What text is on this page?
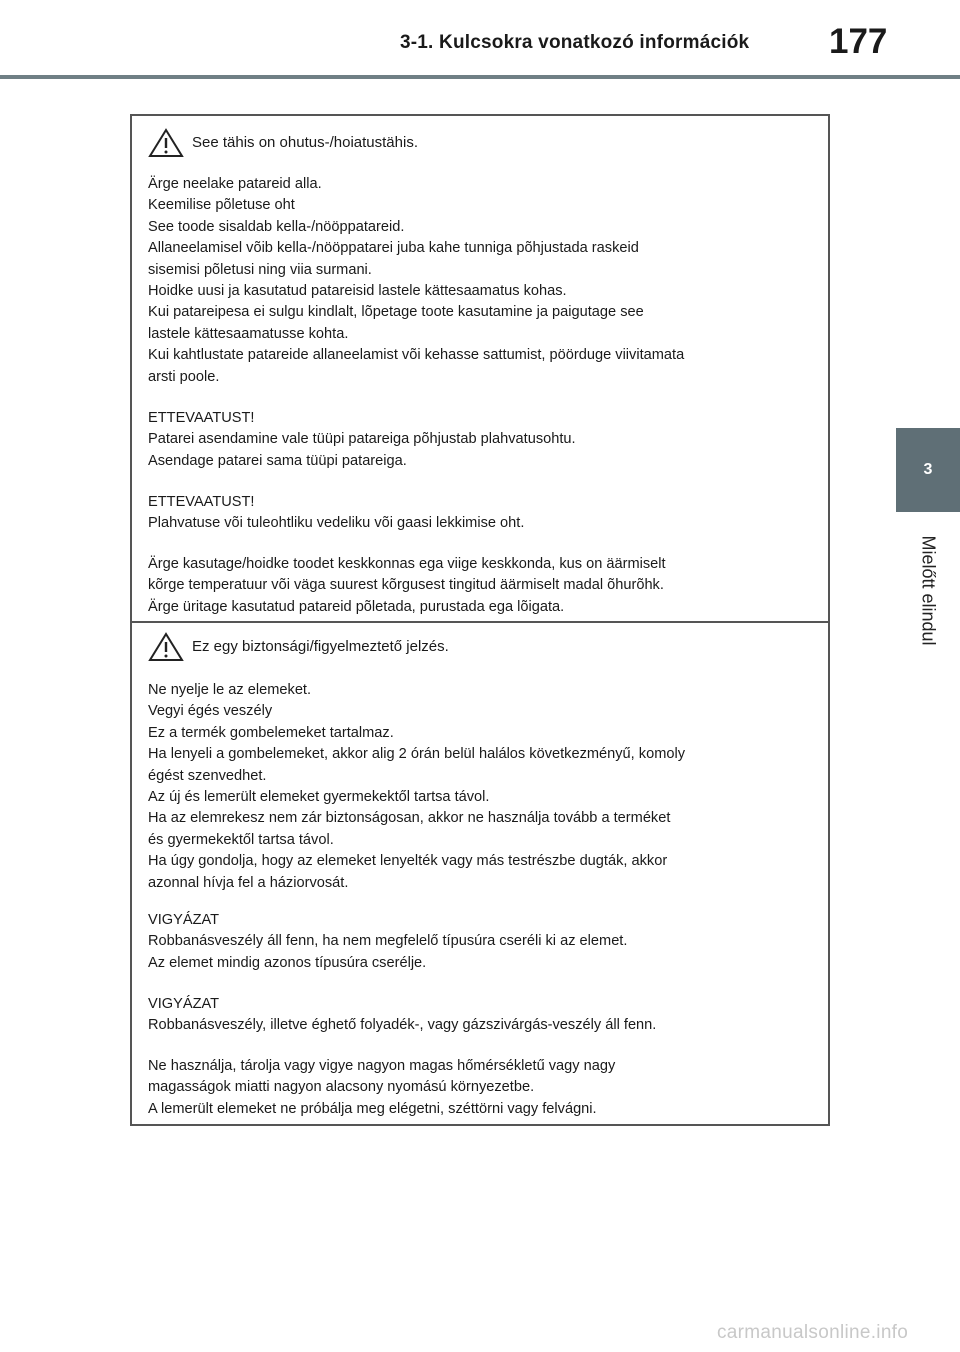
3-1. Kulcsokra vonatkozó információk 177
3
Mielőtt elindul
See tähis on ohutus-/hoiatustähis.
Ärge neelake patareid alla.
Keemilise põletuse oht
See toode sisaldab kella-/nööppatareid.
Allaneelamisel võib kella-/nööppatarei juba kahe tunniga põhjustada raskeid
sisemisi põletusi ning viia surmani.
Hoidke uusi ja kasutatud patareisid lastele kättesaamatus kohas.
Kui patareipesa ei sulgu kindlalt, lõpetage toote kasutamine ja paigutage see
lastele kättesaamatusse kohta.
Kui kahtlustate patareide allaneelamist või kehasse sattumist, pöörduge viivitamata
arsti poole.
ETTEVAATUST!
Patarei asendamine vale tüüpi patareiga põhjustab plahvatusohtu.
Asendage patarei sama tüüpi patareiga.
ETTEVAATUST!
Plahvatuse või tuleohtliku vedeliku või gaasi lekkimise oht.
Ärge kasutage/hoidke toodet keskkonnas ega viige keskkonda, kus on äärmiselt
kõrge temperatuur või väga suurest kõrgusest tingitud äärmiselt madal õhurõhk.
Ärge üritage kasutatud patareid põletada, purustada ega lõigata.
Ez egy biztonsági/figyelmeztető jelzés.
Ne nyelje le az elemeket.
Vegyi égés veszély
Ez a termék gombelemeket tartalmaz.
Ha lenyeli a gombelemeket, akkor alig 2 órán belül halálos következményű, komoly
égést szenvedhet.
Az új és lemerült elemeket gyermekektől tartsa távol.
Ha az elemrekesz nem zár biztonságosan, akkor ne használja tovább a terméket
és gyermekektől tartsa távol.
Ha úgy gondolja, hogy az elemeket lenyelték vagy más testrészbe dugták, akkor
azonnal hívja fel a háziorvosát.
VIGYÁZAT
Robbanásveszély áll fenn, ha nem megfelelő típusúra cseréli ki az elemet.
Az elemet mindig azonos típusúra cserélje.
VIGYÁZAT
Robbanásveszély, illetve éghető folyadék-, vagy gázszivárgás-veszély áll fenn.
Ne használja, tárolja vagy vigye nagyon magas hőmérsékletű vagy nagy
magasságok miatti nagyon alacsony nyomású környezetbe.
A lemerült elemeket ne próbálja meg elégetni, széttörni vagy felvágni.
carmanualsonline.info
